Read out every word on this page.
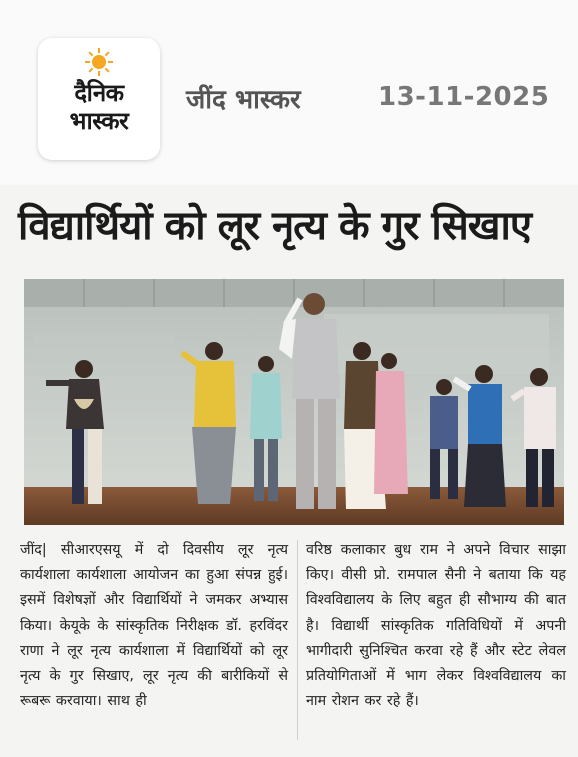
दैनिक
भास्कर
जींद भास्कर	13-11-2025
विद्यार्थियों को लूर नृत्य के गुर सिखाए
जींद| सीआरएसयू में दो दिवसीय लूर नृत्य कार्यशाला कार्यशाला आयोजन का हुआ संपन्न हुई। इसमें विशेषज्ञों और विद्यार्थियों ने जमकर अभ्यास किया। केयूके के सांस्कृतिक निरीक्षक डॉ. हरविंदर राणा ने लूर नृत्य कार्यशाला में विद्यार्थियों को लूर नृत्य के गुर सिखाए, लूर नृत्य की बारीकियों से रूबरू करवाया। साथ ही
वरिष्ठ कलाकार बुध राम ने अपने विचार साझा किए। वीसी प्रो. रामपाल सैनी ने बताया कि यह विश्वविद्यालय के लिए बहुत ही सौभाग्य की बात है। विद्यार्थी सांस्कृतिक गतिविधियों में अपनी भागीदारी सुनिश्चित करवा रहे हैं और स्टेट लेवल प्रतियोगिताओं में भाग लेकर विश्वविद्यालय का नाम रोशन कर रहे हैं।
